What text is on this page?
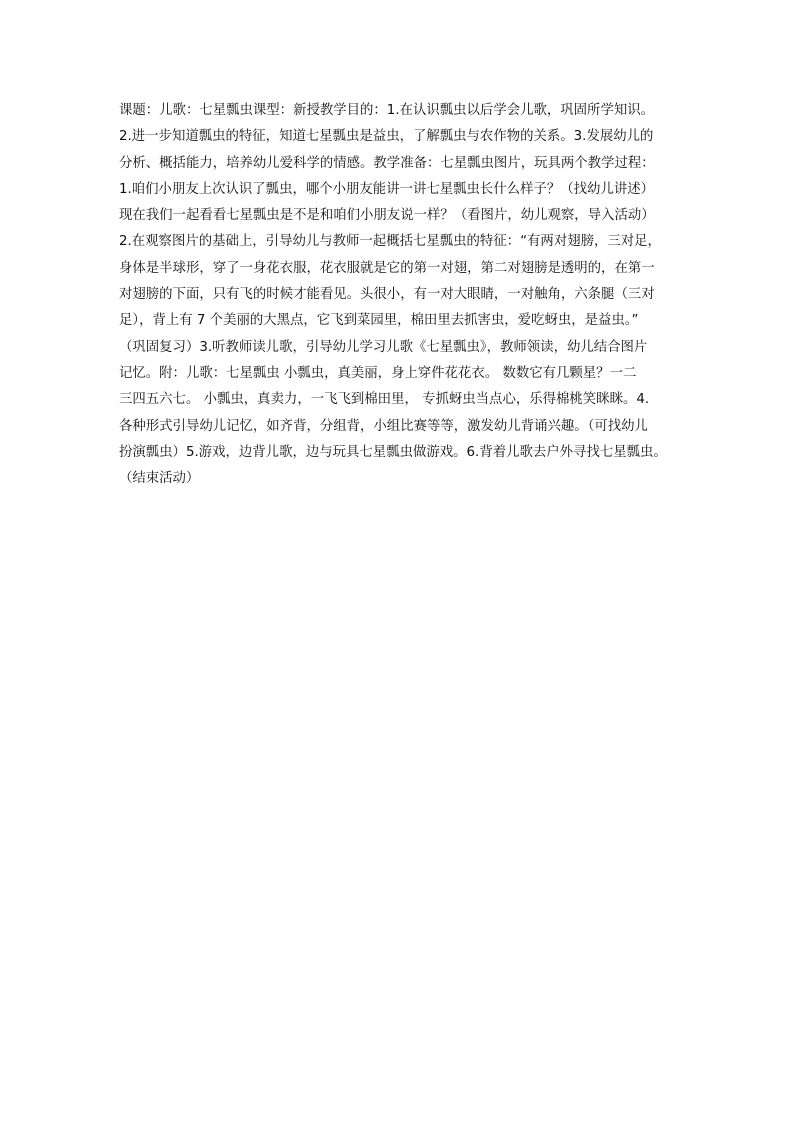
课题：儿歌：七星瓢虫课型：新授教学目的：1.在认识瓢虫以后学会儿歌，巩固所学知识。
2.进一步知道瓢虫的特征，知道七星瓢虫是益虫，了解瓢虫与农作物的关系。3.发展幼儿的
分析、概括能力，培养幼儿爱科学的情感。教学准备：七星瓢虫图片，玩具两个教学过程：
1.咱们小朋友上次认识了瓢虫，哪个小朋友能讲一讲七星瓢虫长什么样子？（找幼儿讲述）
现在我们一起看看七星瓢虫是不是和咱们小朋友说一样？（看图片，幼儿观察，导入活动）
2.在观察图片的基础上，引导幼儿与教师一起概括七星瓢虫的特征：“有两对翅膀，三对足，
身体是半球形，穿了一身花衣服，花衣服就是它的第一对翅，第二对翅膀是透明的，在第一
对翅膀的下面，只有飞的时候才能看见。头很小，有一对大眼睛，一对触角，六条腿（三对
足），背上有 7 个美丽的大黑点，它飞到菜园里，棉田里去抓害虫，爱吃蚜虫，是益虫。”
（巩固复习）3.听教师读儿歌，引导幼儿学习儿歌《七星瓢虫》，教师领读，幼儿结合图片
记忆。附：儿歌：七星瓢虫 小瓢虫，真美丽，身上穿件花花衣。 数数它有几颗星？一二
三四五六七。 小瓢虫，真卖力，一飞飞到棉田里， 专抓蚜虫当点心，乐得棉桃笑眯眯。4.
各种形式引导幼儿记忆，如齐背，分组背，小组比赛等等，激发幼儿背诵兴趣。（可找幼儿
扮演瓢虫）5.游戏，边背儿歌，边与玩具七星瓢虫做游戏。6.背着儿歌去户外寻找七星瓢虫。
（结束活动）
